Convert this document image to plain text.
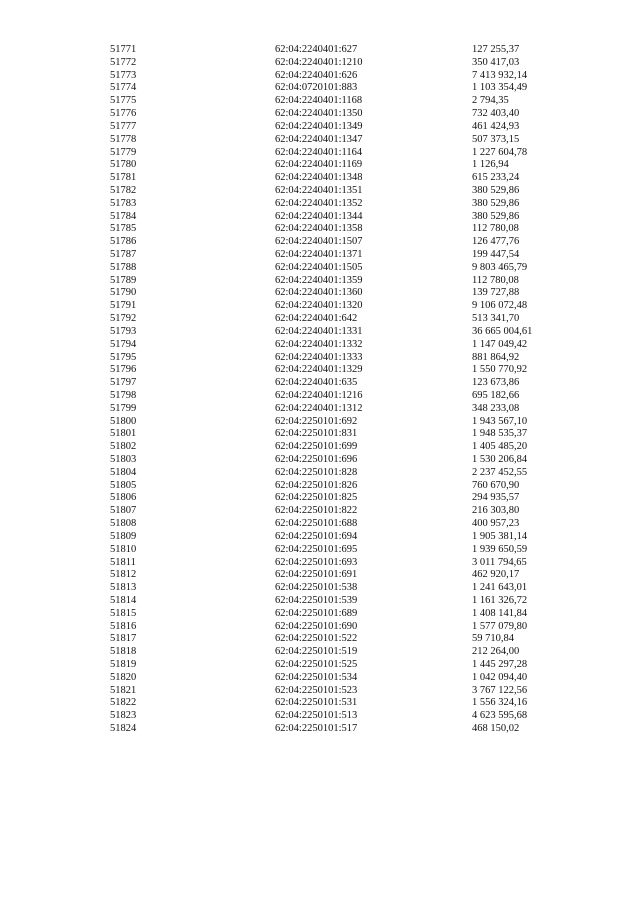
51771	62:04:2240401:627	127 255,37
51772	62:04:2240401:1210	350 417,03
51773	62:04:2240401:626	7 413 932,14
51774	62:04:0720101:883	1 103 354,49
51775	62:04:2240401:1168	2 794,35
51776	62:04:2240401:1350	732 403,40
51777	62:04:2240401:1349	461 424,93
51778	62:04:2240401:1347	507 373,15
51779	62:04:2240401:1164	1 227 604,78
51780	62:04:2240401:1169	1 126,94
51781	62:04:2240401:1348	615 233,24
51782	62:04:2240401:1351	380 529,86
51783	62:04:2240401:1352	380 529,86
51784	62:04:2240401:1344	380 529,86
51785	62:04:2240401:1358	112 780,08
51786	62:04:2240401:1507	126 477,76
51787	62:04:2240401:1371	199 447,54
51788	62:04:2240401:1505	9 803 465,79
51789	62:04:2240401:1359	112 780,08
51790	62:04:2240401:1360	139 727,88
51791	62:04:2240401:1320	9 106 072,48
51792	62:04:2240401:642	513 341,70
51793	62:04:2240401:1331	36 665 004,61
51794	62:04:2240401:1332	1 147 049,42
51795	62:04:2240401:1333	881 864,92
51796	62:04:2240401:1329	1 550 770,92
51797	62:04:2240401:635	123 673,86
51798	62:04:2240401:1216	695 182,66
51799	62:04:2240401:1312	348 233,08
51800	62:04:2250101:692	1 943 567,10
51801	62:04:2250101:831	1 948 535,37
51802	62:04:2250101:699	1 405 485,20
51803	62:04:2250101:696	1 530 206,84
51804	62:04:2250101:828	2 237 452,55
51805	62:04:2250101:826	760 670,90
51806	62:04:2250101:825	294 935,57
51807	62:04:2250101:822	216 303,80
51808	62:04:2250101:688	400 957,23
51809	62:04:2250101:694	1 905 381,14
51810	62:04:2250101:695	1 939 650,59
51811	62:04:2250101:693	3 011 794,65
51812	62:04:2250101:691	462 920,17
51813	62:04:2250101:538	1 241 643,01
51814	62:04:2250101:539	1 161 326,72
51815	62:04:2250101:689	1 408 141,84
51816	62:04:2250101:690	1 577 079,80
51817	62:04:2250101:522	59 710,84
51818	62:04:2250101:519	212 264,00
51819	62:04:2250101:525	1 445 297,28
51820	62:04:2250101:534	1 042 094,40
51821	62:04:2250101:523	3 767 122,56
51822	62:04:2250101:531	1 556 324,16
51823	62:04:2250101:513	4 623 595,68
51824	62:04:2250101:517	468 150,02
